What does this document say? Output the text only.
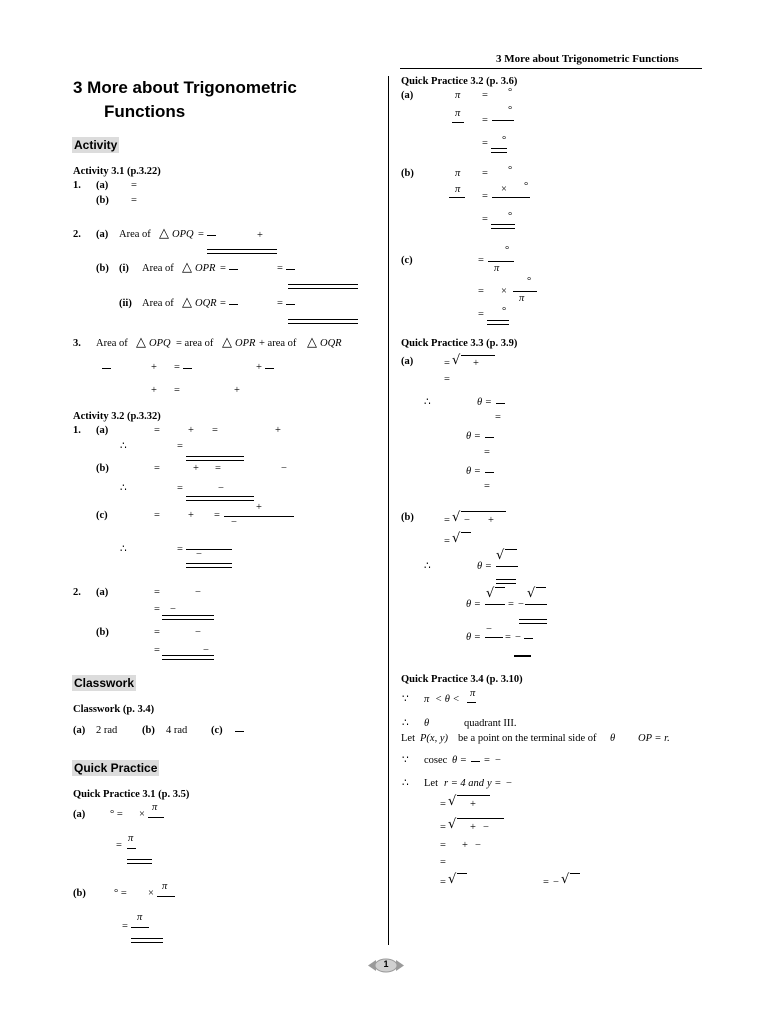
3 More about Trigonometric Functions
3 More about Trigonometric
Functions
Activity
Activity 3.1 (p.3.22)
1. (a) =
(b) =
2. (a) Area of △ OPQ =	+
(b) (i) Area of △ OPR =	=
(ii) Area of △ OQR =	=
3. Area of △ OPQ = area of △ OPR + area of △ OQR
+ =	+
+ =	+
Activity 3.2 (p.3.32)
1. (a)	=	+ =	+
∴	=
(b)	=	+ =	−
∴	=	−
(c)	=	+ =
+
−
∴	= −
2. (a)	=	−
= −
(b)	=	−
=	−
Classwork
Classwork (p. 3.4)
(a) 2 rad (b) 4 rad (c)
Quick Practice
Quick Practice 3.1 (p. 3.5)
(a) ° = ×
π
=
π
(b)	° = ×
π
=
π
Quick Practice 3.2 (p. 3.6)
(a)	π = °
π
=
°
= °
(b)	π = °
π
=
× °
= °
(c)	=
°
π
= ×
°
π
= °
Quick Practice 3.3 (p. 3.9)
(a)	= √ +
=
∴	θ =
=
θ =
=
θ =
=
(b)	= √ − +
= √
∴	θ =
√
θ =
√
= −
√
−
θ = = −
Quick Practice 3.4 (p. 3.10)
∵ π < θ <
π
∴ θ	quadrant III.
Let P(x, y) be a point on the terminal side of θ OP = r.
∵ cosec θ = = −
∴ Let r = 4 and y = −
= √ +
= √ + −
= + −
=
= √	= − √
1
